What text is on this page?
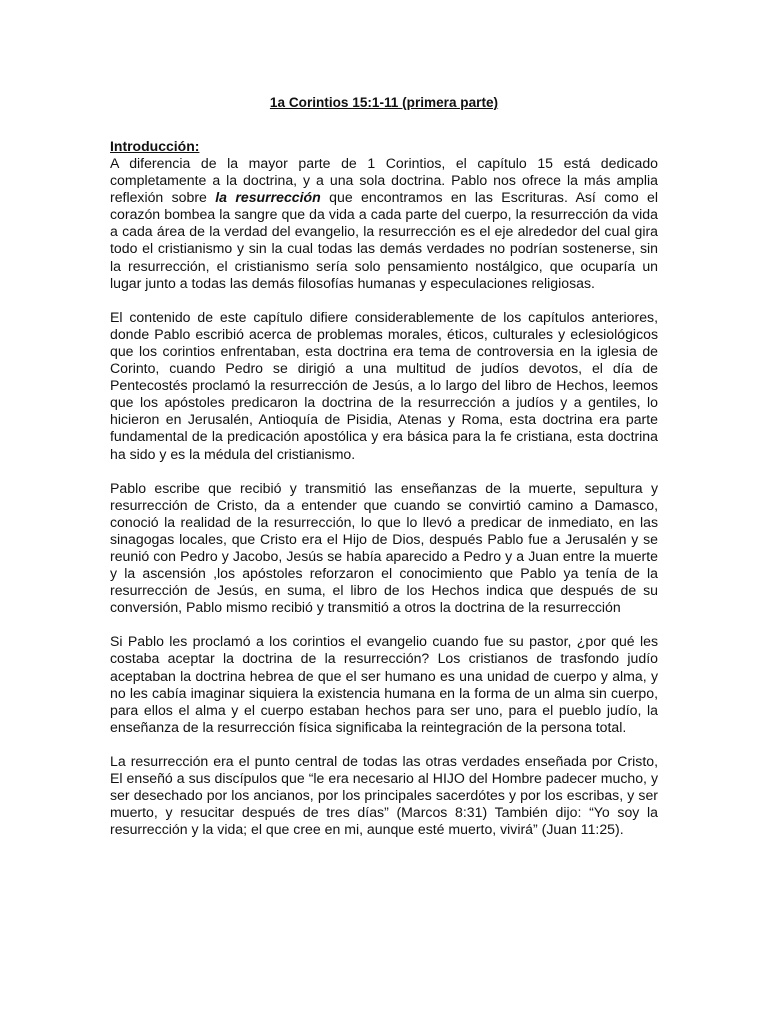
1a Corintios 15:1-11 (primera parte)
Introducción:

A diferencia de la mayor parte de 1 Corintios, el capítulo 15 está dedicado completamente a la doctrina, y a una sola doctrina. Pablo nos ofrece la más amplia reflexión sobre la resurrección que encontramos en las Escrituras. Así como el corazón bombea la sangre que da vida a cada parte del cuerpo, la resurrección da vida a cada área de la verdad del evangelio, la resurrección es el eje alrededor del cual gira todo el cristianismo y sin la cual todas las demás verdades no podrían sostenerse, sin la resurrección, el cristianismo sería solo pensamiento nostálgico, que ocuparía un lugar junto a todas las demás filosofías humanas y especulaciones religiosas.

El contenido de este capítulo difiere considerablemente de los capítulos anteriores, donde Pablo escribió acerca de problemas morales, éticos, culturales y eclesiológicos que los corintios enfrentaban, esta doctrina era tema de controversia en la iglesia de Corinto, cuando Pedro se dirigió a una multitud de judíos devotos, el día de Pentecostés proclamó la resurrección de Jesús, a lo largo del libro de Hechos, leemos que los apóstoles predicaron la doctrina de la resurrección a judíos y a gentiles, lo hicieron en Jerusalén, Antioquía de Pisidia, Atenas y Roma, esta doctrina era parte fundamental de la predicación apostólica y era básica para la fe cristiana, esta doctrina ha sido y es la médula del cristianismo.

Pablo escribe que recibió y transmitió las enseñanzas de la muerte, sepultura y resurrección de Cristo, da a entender que cuando se convirtió camino a Damasco, conoció la realidad de la resurrección, lo que lo llevó a predicar de inmediato, en las sinagogas locales, que Cristo era el Hijo de Dios, después Pablo fue a Jerusalén y se reunió con Pedro y Jacobo, Jesús se había aparecido a Pedro y a Juan entre la muerte y la ascensión ,los apóstoles reforzaron el conocimiento que Pablo ya tenía de la resurrección de Jesús, en suma, el libro de los Hechos indica que después de su conversión, Pablo mismo recibió y transmitió a otros la doctrina de la resurrección

Si Pablo les proclamó a los corintios el evangelio cuando fue su pastor, ¿por qué les costaba aceptar la doctrina de la resurrección? Los cristianos de trasfondo judío aceptaban la doctrina hebrea de que el ser humano es una unidad de cuerpo y alma, y no les cabía imaginar siquiera la existencia humana en la forma de un alma sin cuerpo, para ellos el alma y el cuerpo estaban hechos para ser uno, para el pueblo judío, la enseñanza de la resurrección física significaba la reintegración de la persona total.

La resurrección era el punto central de todas las otras verdades enseñada por Cristo, El enseñó a sus discípulos que “le era necesario al HIJO del Hombre padecer mucho, y ser desechado por los ancianos, por los principales sacerdótes y por los escribas, y ser muerto, y resucitar después de tres días” (Marcos 8:31) También dijo: “Yo soy la resurrección y la vida; el que cree en mi, aunque esté muerto, vivirá” (Juan 11:25).
